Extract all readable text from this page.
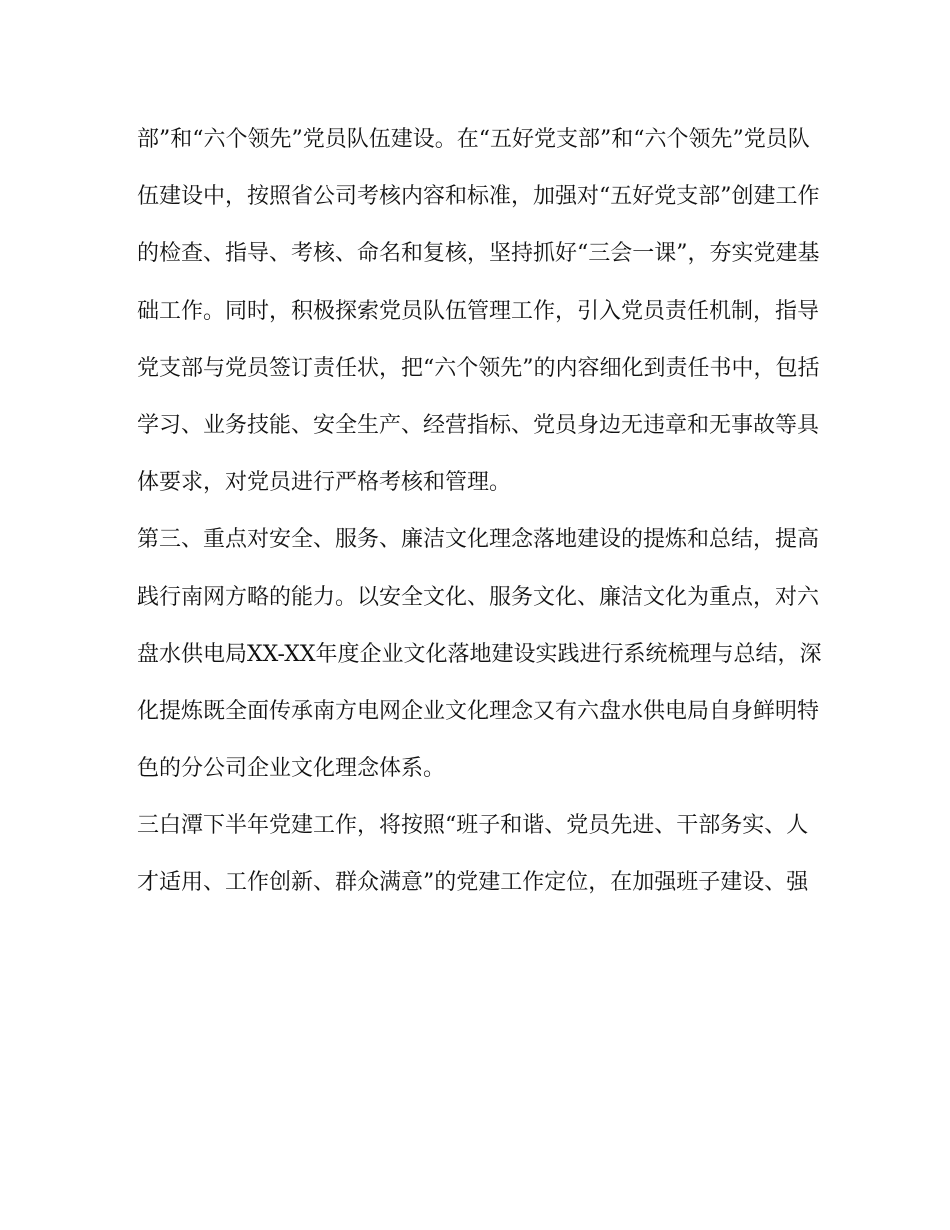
部”和“六个领先”党员队伍建设。在“五好党支部”和“六个领先”党员队
伍建设中，按照省公司考核内容和标准，加强对“五好党支部”创建工作
的检查、指导、考核、命名和复核，坚持抓好“三会一课”，夯实党建基
础工作。同时，积极探索党员队伍管理工作，引入党员责任机制，指导
党支部与党员签订责任状，把“六个领先”的内容细化到责任书中，包括
学习、业务技能、安全生产、经营指标、党员身边无违章和无事故等具
体要求，对党员进行严格考核和管理。
第三、重点对安全、服务、廉洁文化理念落地建设的提炼和总结，提高
践行南网方略的能力。以安全文化、服务文化、廉洁文化为重点，对六
盘水供电局XX-XX年度企业文化落地建设实践进行系统梳理与总结，深
化提炼既全面传承南方电网企业文化理念又有六盘水供电局自身鲜明特
色的分公司企业文化理念体系。
三白潭下半年党建工作，将按照“班子和谐、党员先进、干部务实、人
才适用、工作创新、群众满意”的党建工作定位，在加强班子建设、强
